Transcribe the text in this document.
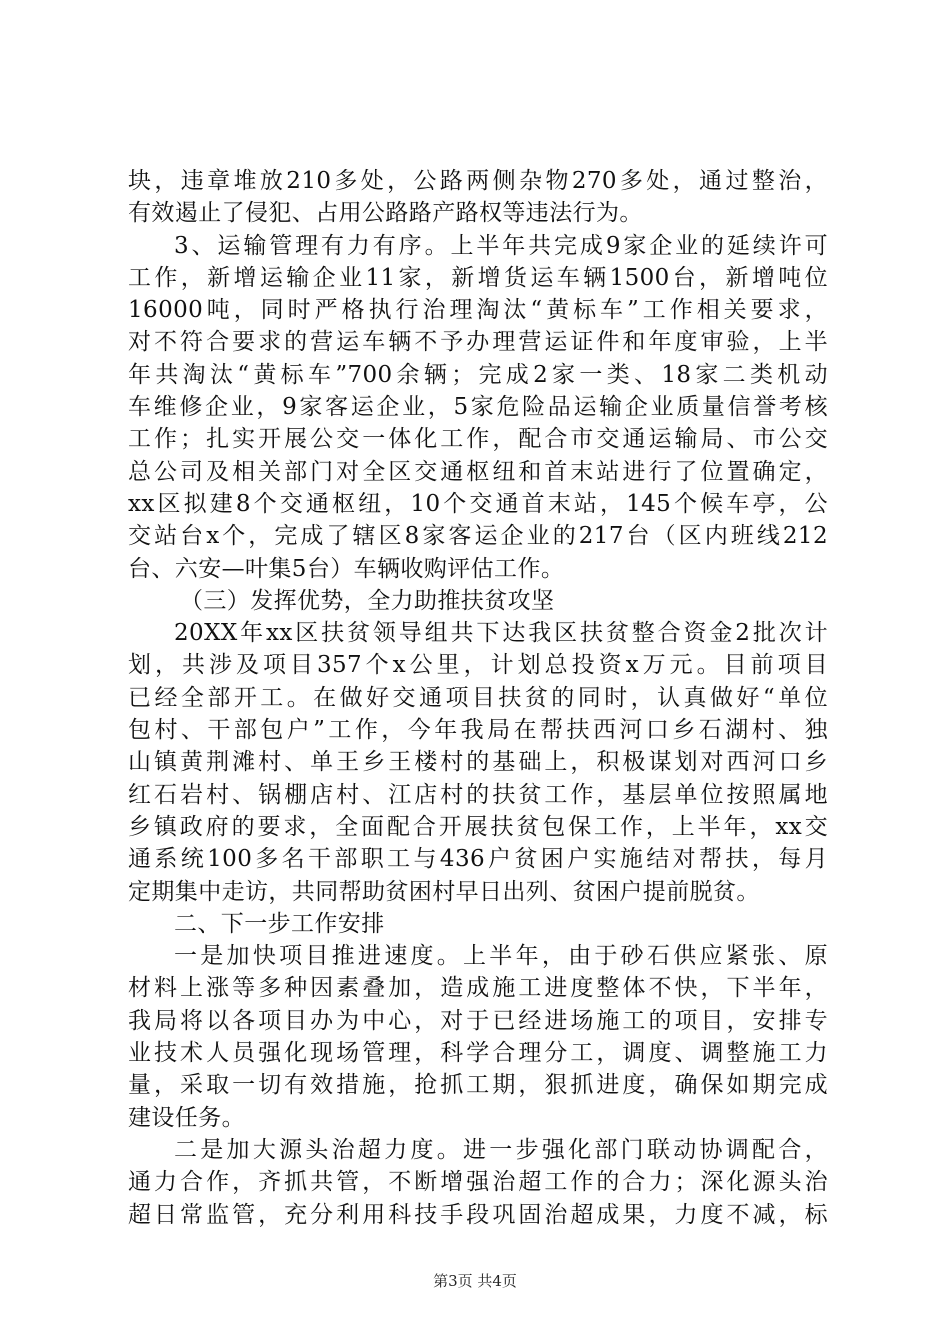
块，违章堆放210多处，公路两侧杂物270多处，通过整治，
有效遏止了侵犯、占用公路路产路权等违法行为。
3、运输管理有力有序。上半年共完成9家企业的延续许可
工作，新增运输企业11家，新增货运车辆1500台，新增吨位
16000吨，同时严格执行治理淘汰“黄标车”工作相关要求，
对不符合要求的营运车辆不予办理营运证件和年度审验，上半
年共淘汰“黄标车”700余辆；完成2家一类、18家二类机动
车维修企业，9家客运企业，5家危险品运输企业质量信誉考核
工作；扎实开展公交一体化工作，配合市交通运输局、市公交
总公司及相关部门对全区交通枢纽和首末站进行了位置确定，
xx区拟建8个交通枢纽，10个交通首末站，145个候车亭，公
交站台x个，完成了辖区8家客运企业的217台（区内班线212
台、六安—叶集5台）车辆收购评估工作。
（三）发挥优势，全力助推扶贫攻坚
20XX年xx区扶贫领导组共下达我区扶贫整合资金2批次计
划，共涉及项目357个x公里，计划总投资x万元。目前项目
已经全部开工。在做好交通项目扶贫的同时，认真做好“单位
包村、干部包户”工作，今年我局在帮扶西河口乡石湖村、独
山镇黄荆滩村、单王乡王楼村的基础上，积极谋划对西河口乡
红石岩村、锅棚店村、江店村的扶贫工作，基层单位按照属地
乡镇政府的要求，全面配合开展扶贫包保工作，上半年，xx交
通系统100多名干部职工与436户贫困户实施结对帮扶，每月
定期集中走访，共同帮助贫困村早日出列、贫困户提前脱贫。
二、下一步工作安排
一是加快项目推进速度。上半年，由于砂石供应紧张、原
材料上涨等多种因素叠加，造成施工进度整体不快，下半年，
我局将以各项目办为中心，对于已经进场施工的项目，安排专
业技术人员强化现场管理，科学合理分工，调度、调整施工力
量，采取一切有效措施，抢抓工期，狠抓进度，确保如期完成
建设任务。
二是加大源头治超力度。进一步强化部门联动协调配合，
通力合作，齐抓共管，不断增强治超工作的合力；深化源头治
超日常监管，充分利用科技手段巩固治超成果，力度不减，标
第3页 共4页
